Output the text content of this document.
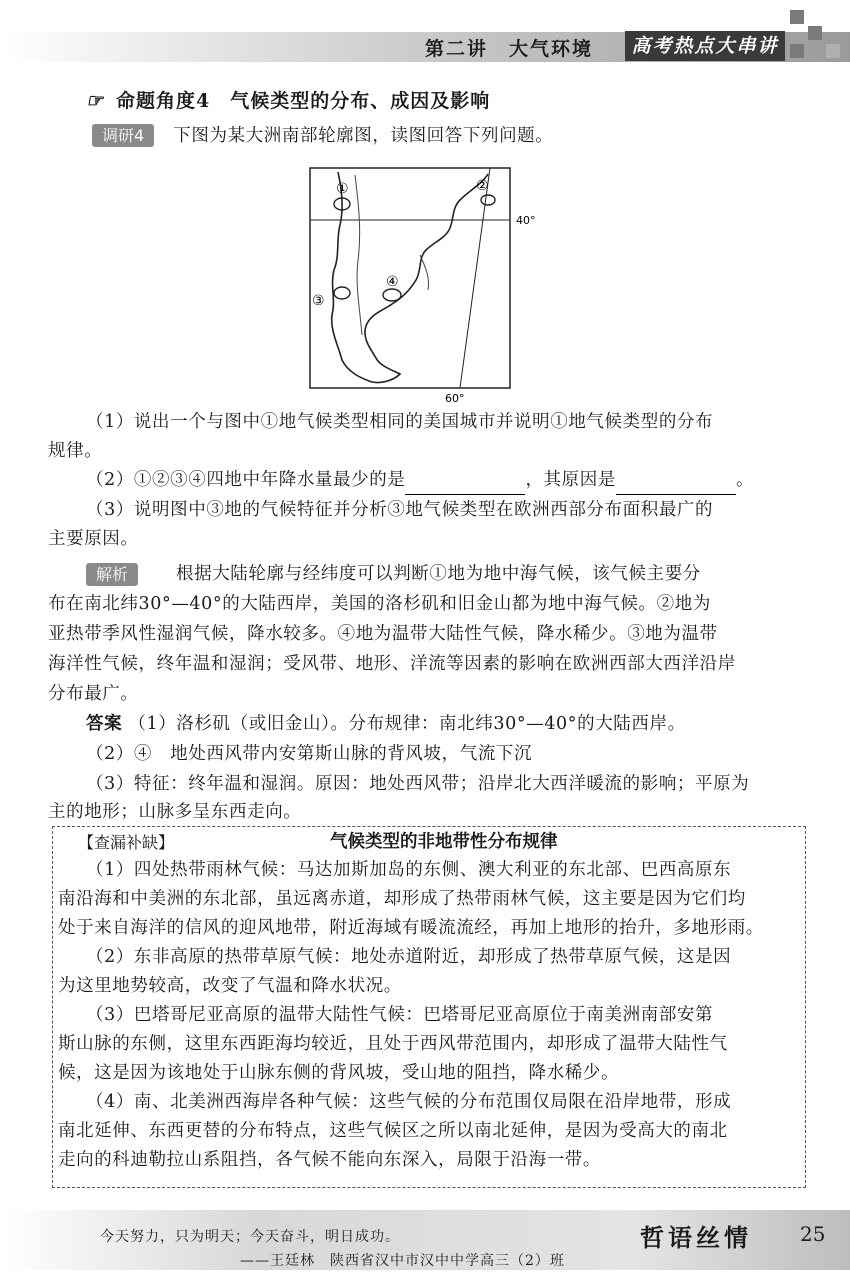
第二讲　大气环境	高考热点大串讲
☞ 命题角度4　气候类型的分布、成因及影响
调研4 下图为某大洲南部轮廓图，读图回答下列问题。
①	②
③
④
40°
60°
（1）说出一个与图中①地气候类型相同的美国城市并说明①地气候类型的分布
规律。
（2）①②③④四地中年降水量最少的是	，其原因是	。
（3）说明图中③地的气候特征并分析③地气候类型在欧洲西部分布面积最广的
主要原因。
解析	根据大陆轮廓与经纬度可以判断①地为地中海气候，该气候主要分
布在南北纬30°—40°的大陆西岸，美国的洛杉矶和旧金山都为地中海气候。②地为
亚热带季风性湿润气候，降水较多。④地为温带大陆性气候，降水稀少。③地为温带
海洋性气候，终年温和湿润；受风带、地形、洋流等因素的影响在欧洲西部大西洋沿岸
分布最广。
答案 （1）洛杉矶（或旧金山）。分布规律：南北纬30°—40°的大陆西岸。
（2）④　地处西风带内安第斯山脉的背风坡，气流下沉
（3）特征：终年温和湿润。原因：地处西风带；沿岸北大西洋暖流的影响；平原为
主的地形；山脉多呈东西走向。
【查漏补缺】	气候类型的非地带性分布规律
（1）四处热带雨林气候：马达加斯加岛的东侧、澳大利亚的东北部、巴西高原东
南沿海和中美洲的东北部，虽远离赤道，却形成了热带雨林气候，这主要是因为它们均
处于来自海洋的信风的迎风地带，附近海域有暖流流经，再加上地形的抬升，多地形雨。
（2）东非高原的热带草原气候：地处赤道附近，却形成了热带草原气候，这是因
为这里地势较高，改变了气温和降水状况。
（3）巴塔哥尼亚高原的温带大陆性气候：巴塔哥尼亚高原位于南美洲南部安第
斯山脉的东侧，这里东西距海均较近，且处于西风带范围内，却形成了温带大陆性气
候，这是因为该地处于山脉东侧的背风坡，受山地的阻挡，降水稀少。
（4）南、北美洲西海岸各种气候：这些气候的分布范围仅局限在沿岸地带，形成
南北延伸、东西更替的分布特点，这些气候区之所以南北延伸，是因为受高大的南北
走向的科迪勒拉山系阻挡，各气候不能向东深入，局限于沿海一带。
今天努力，只为明天；今天奋斗，明日成功。
——王廷林　陕西省汉中市汉中中学高三（2）班
哲语丝情 25
